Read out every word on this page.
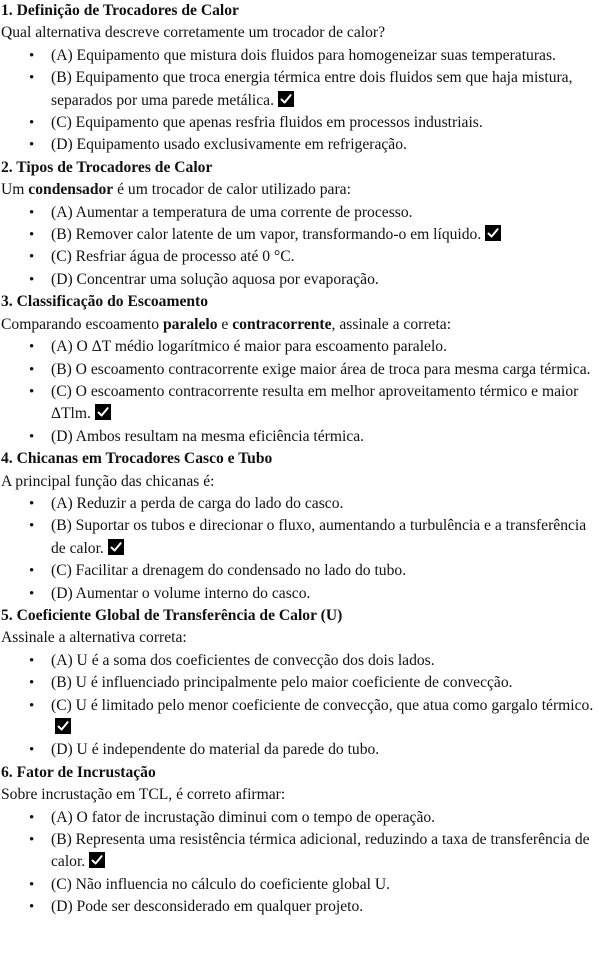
1. Definição de Trocadores de Calor
Qual alternativa descreve corretamente um trocador de calor?
• (A) Equipamento que mistura dois fluidos para homogeneizar suas temperaturas.
• (B) Equipamento que troca energia térmica entre dois fluidos sem que haja mistura, separados por uma parede metálica.
• (C) Equipamento que apenas resfria fluidos em processos industriais.
• (D) Equipamento usado exclusivamente em refrigeração.
2. Tipos de Trocadores de Calor
Um condensador é um trocador de calor utilizado para:
• (A) Aumentar a temperatura de uma corrente de processo.
• (B) Remover calor latente de um vapor, transformando-o em líquido.
• (C) Resfriar água de processo até 0 °C.
• (D) Concentrar uma solução aquosa por evaporação.
3. Classificação do Escoamento
Comparando escoamento paralelo e contracorrente, assinale a correta:
• (A) O ΔT médio logarítmico é maior para escoamento paralelo.
• (B) O escoamento contracorrente exige maior área de troca para mesma carga térmica.
• (C) O escoamento contracorrente resulta em melhor aproveitamento térmico e maior ΔTlm.
• (D) Ambos resultam na mesma eficiência térmica.
4. Chicanas em Trocadores Casco e Tubo
A principal função das chicanas é:
• (A) Reduzir a perda de carga do lado do casco.
• (B) Suportar os tubos e direcionar o fluxo, aumentando a turbulência e a transferência de calor.
• (C) Facilitar a drenagem do condensado no lado do tubo.
• (D) Aumentar o volume interno do casco.
5. Coeficiente Global de Transferência de Calor (U)
Assinale a alternativa correta:
• (A) U é a soma dos coeficientes de convecção dos dois lados.
• (B) U é influenciado principalmente pelo maior coeficiente de convecção.
• (C) U é limitado pelo menor coeficiente de convecção, que atua como gargalo térmico.
• (D) U é independente do material da parede do tubo.
6. Fator de Incrustação
Sobre incrustação em TCL, é correto afirmar:
• (A) O fator de incrustação diminui com o tempo de operação.
• (B) Representa uma resistência térmica adicional, reduzindo a taxa de transferência de calor.
• (C) Não influencia no cálculo do coeficiente global U.
• (D) Pode ser desconsiderado em qualquer projeto.
